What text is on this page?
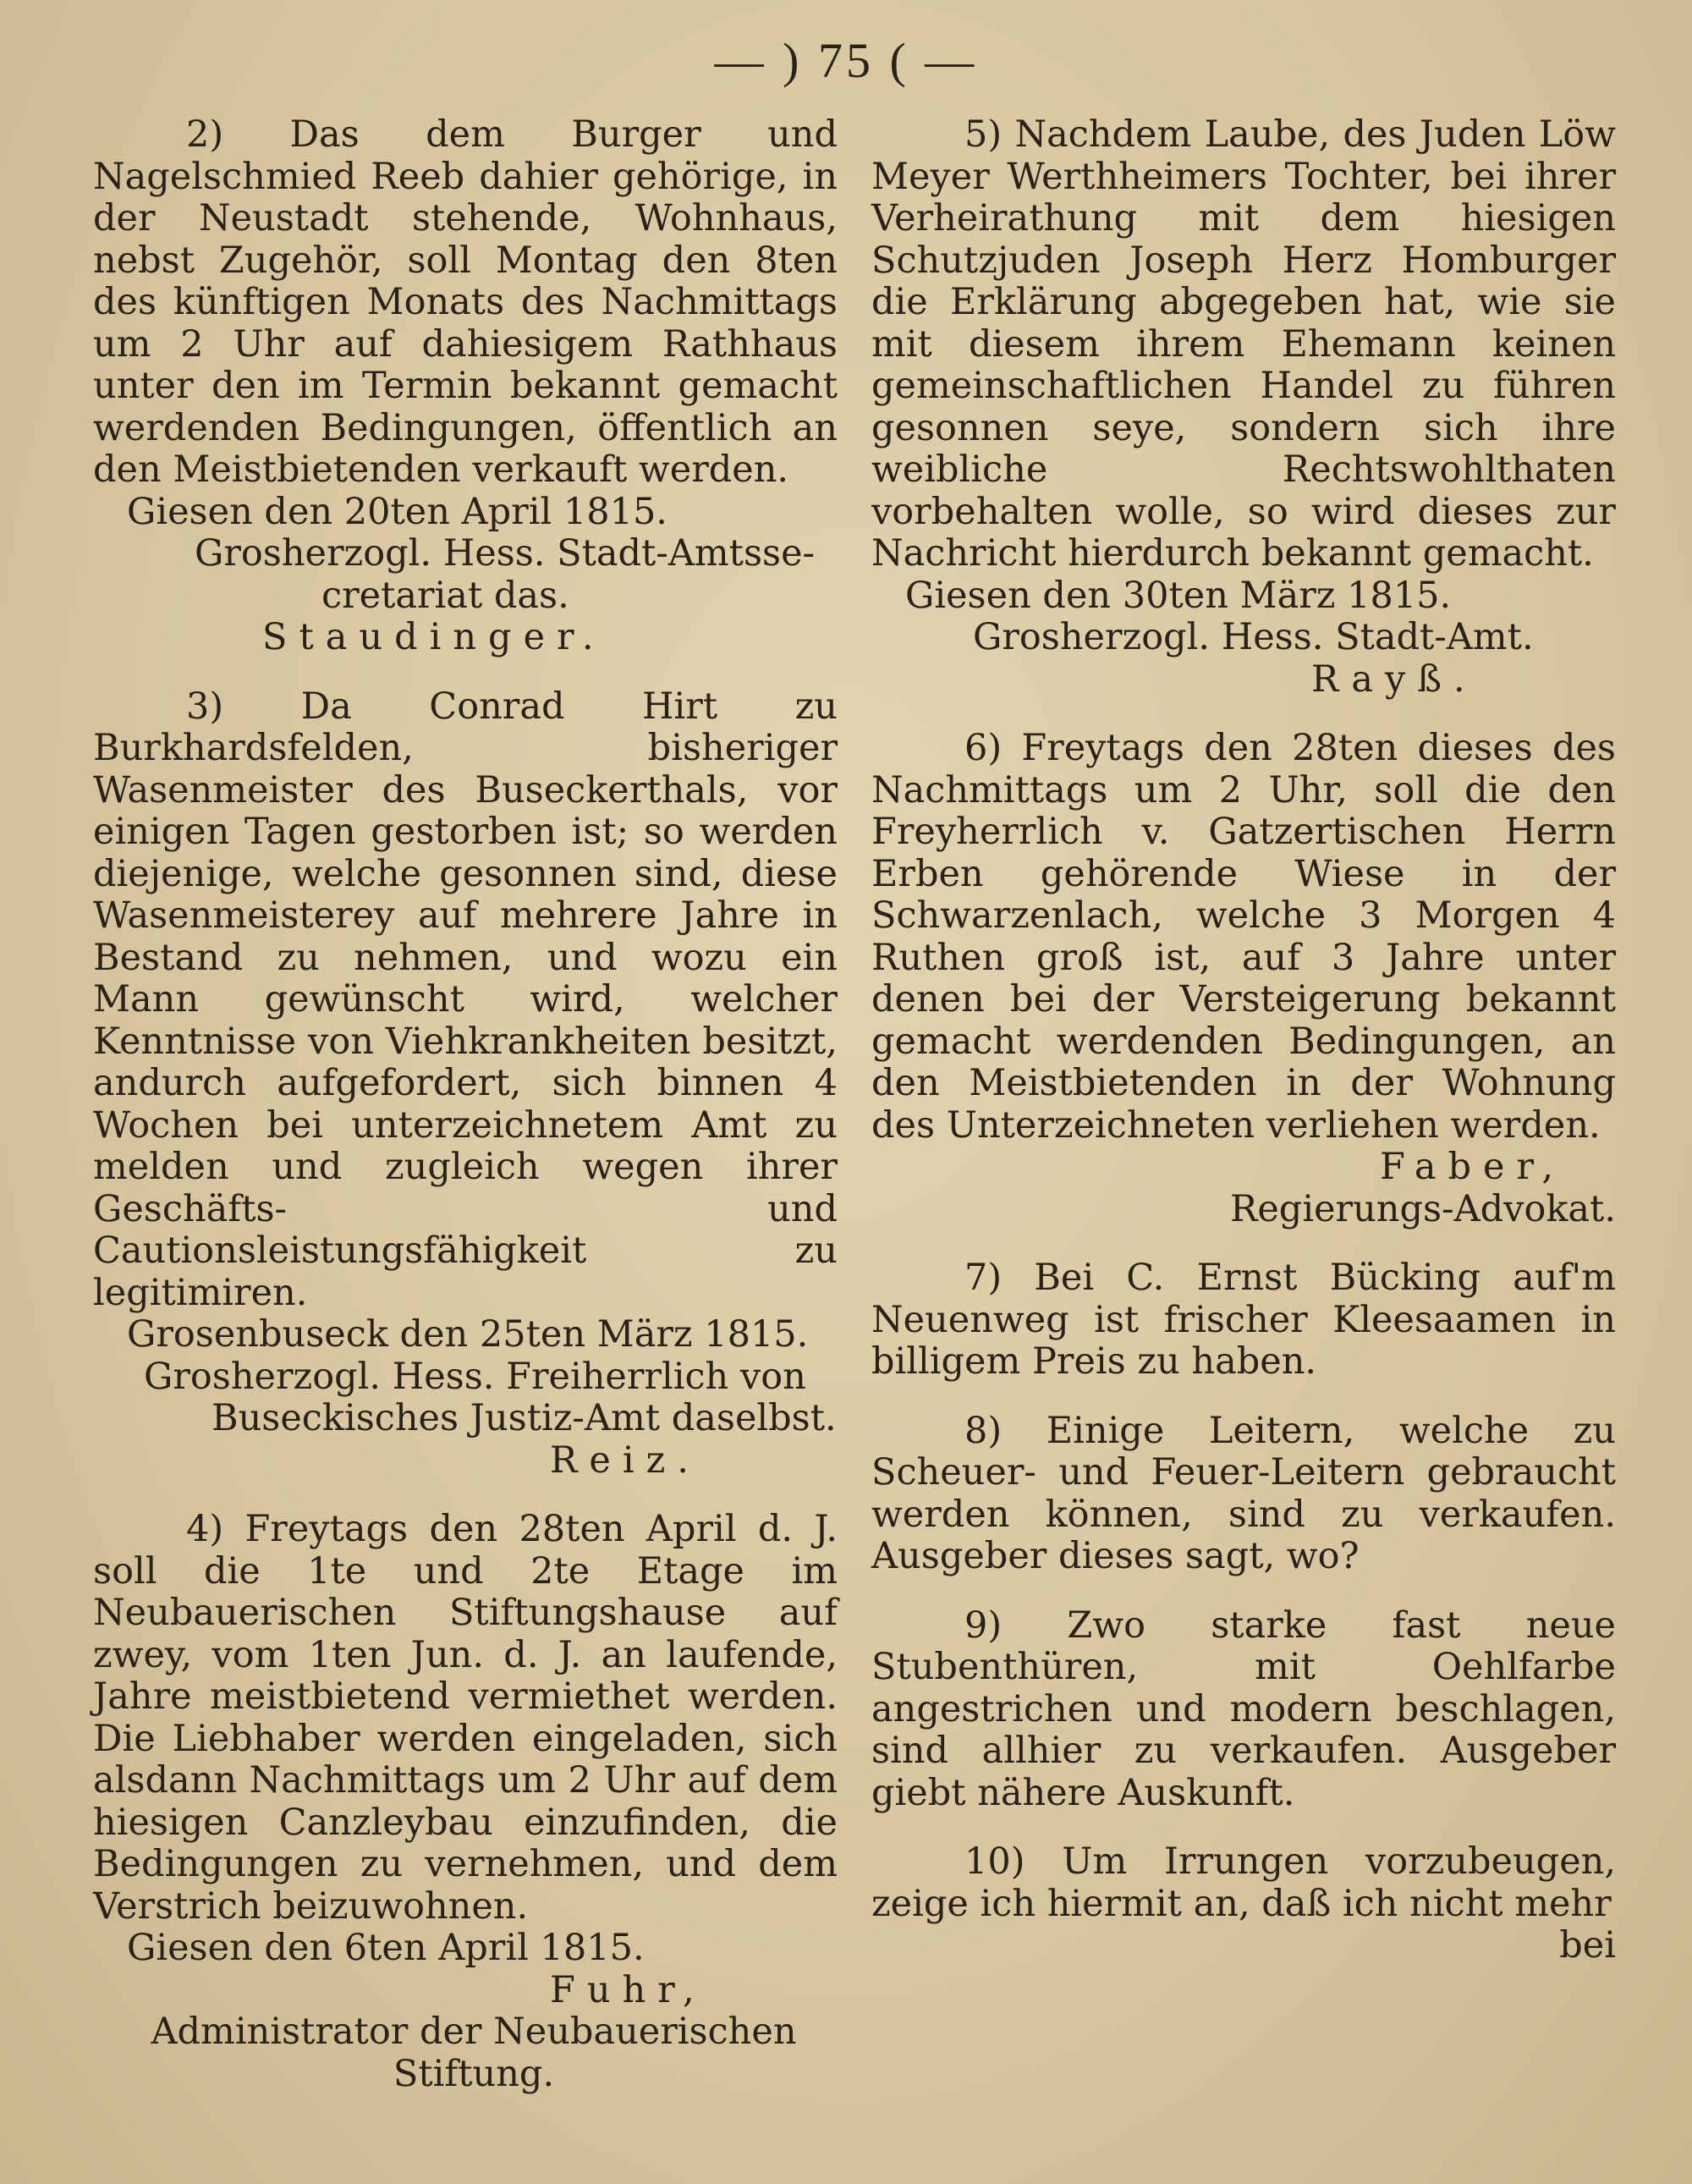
— ) 75 ( —

2) Das dem Burger und Nagelschmied Reeb dahier gehörige, in der Neustadt stehende, Wohnhaus, nebst Zugehör, soll Montag den 8ten des künftigen Monats des Nachmittags um 2 Uhr auf dahiesigem Rathhaus unter den im Termin bekannt gemacht werdenden Bedingungen, öffentlich an den Meistbietenden verkauft werden.

Giesen den 20ten April 1815.

Grosherzogl. Hess. Stadt-Amtsse-

cretariat das.

Staudinger.

3) Da Conrad Hirt zu Burkhardsfelden, bisheriger Wasenmeister des Buseckerthals, vor einigen Tagen gestorben ist; so werden diejenige, welche gesonnen sind, diese Wasenmeisterey auf mehrere Jahre in Bestand zu nehmen, und wozu ein Mann gewünscht wird, welcher Kenntnisse von Viehkrankheiten besitzt, andurch aufgefordert, sich binnen 4 Wochen bei unterzeichnetem Amt zu melden und zugleich wegen ihrer Geschäfts- und Cautionsleistungsfähigkeit zu legitimiren.

Grosenbuseck den 25ten März 1815.

Grosherzogl. Hess. Freiherrlich von Buseckisches Justiz-Amt daselbst.

Reiz.

4) Freytags den 28ten April d. J. soll die 1te und 2te Etage im Neubauerischen Stiftungshause auf zwey, vom 1ten Jun. d. J. an laufende, Jahre meistbietend vermiethet werden. Die Liebhaber werden eingeladen, sich alsdann Nachmittags um 2 Uhr auf dem hiesigen Canzleybau einzufinden, die Bedingungen zu vernehmen, und dem Verstrich beizuwohnen.

Giesen den 6ten April 1815.

Fuhr,

Administrator der Neubauerischen Stiftung.

5) Nachdem Laube, des Juden Löw Meyer Werthheimers Tochter, bei ihrer Verheirathung mit dem hiesigen Schutzjuden Joseph Herz Homburger die Erklärung abgegeben hat, wie sie mit diesem ihrem Ehemann keinen gemeinschaftlichen Handel zu führen gesonnen seye, sondern sich ihre weibliche Rechtswohlthaten vorbehalten wolle, so wird dieses zur Nachricht hierdurch bekannt gemacht.

Giesen den 30ten März 1815.

Grosherzogl. Hess. Stadt-Amt.

Rayß.

6) Freytags den 28ten dieses des Nachmittags um 2 Uhr, soll die den Freyherrlich v. Gatzertischen Herrn Erben gehörende Wiese in der Schwarzenlach, welche 3 Morgen 4 Ruthen groß ist, auf 3 Jahre unter denen bei der Versteigerung bekannt gemacht werdenden Bedingungen, an den Meistbietenden in der Wohnung des Unterzeichneten verliehen werden.

Faber,

Regierungs-Advokat.

7) Bei C. Ernst Bücking auf'm Neuenweg ist frischer Kleesaamen in billigem Preis zu haben.

8) Einige Leitern, welche zu Scheuer- und Feuer-Leitern gebraucht werden können, sind zu verkaufen. Ausgeber dieses sagt, wo?

9) Zwo starke fast neue Stubenthüren, mit Oehlfarbe angestrichen und modern beschlagen, sind allhier zu verkaufen. Ausgeber giebt nähere Auskunft.

10) Um Irrungen vorzubeugen, zeige ich hiermit an, daß ich nicht mehr

bei
